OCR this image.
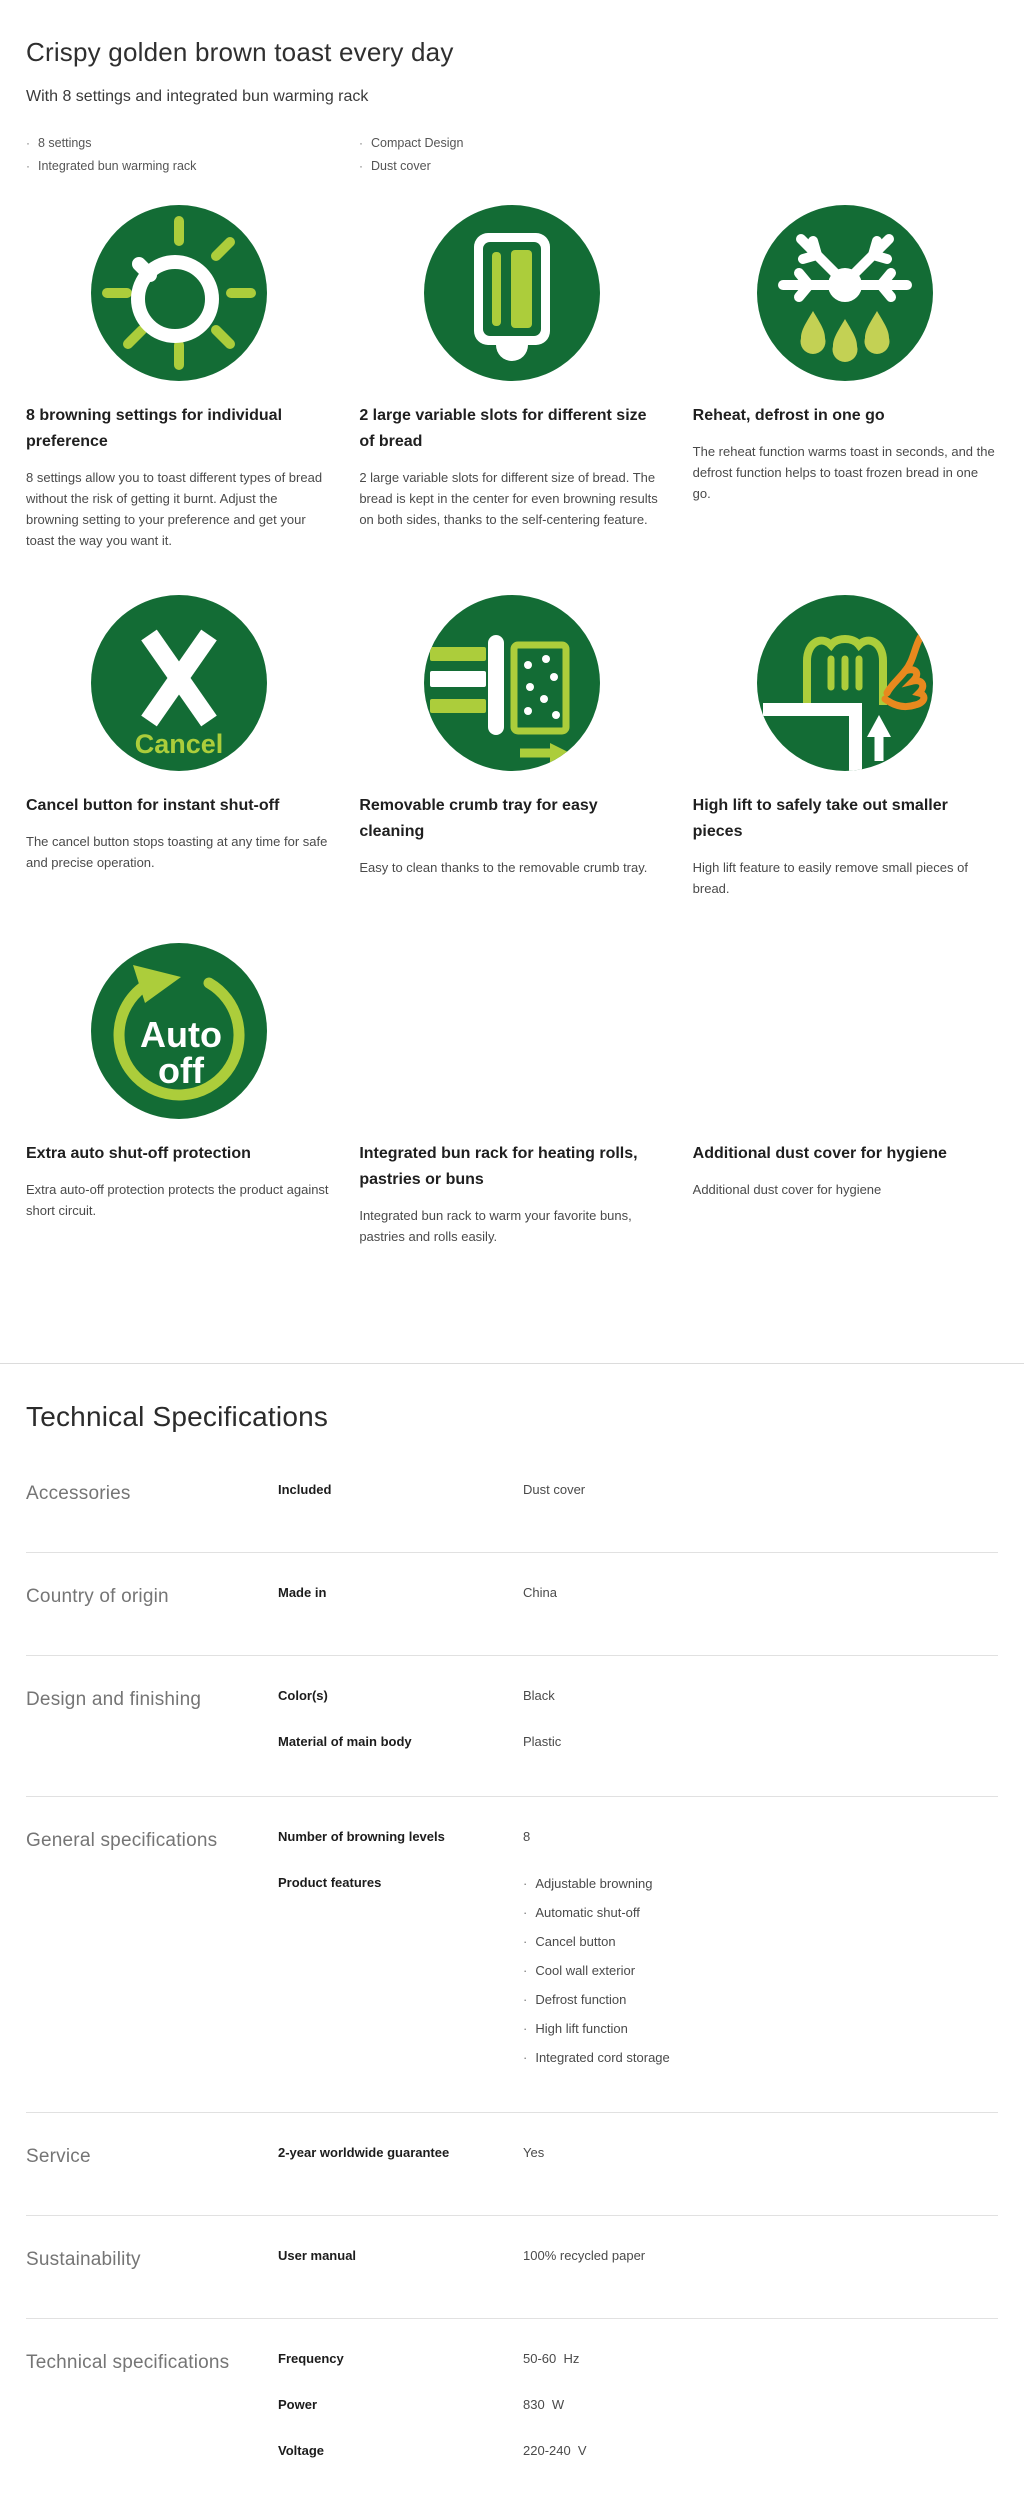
Crispy golden brown toast every day

With 8 settings and integrated bun warming rack

· 8 settings
· Integrated bun warming rack
· Compact Design
· Dust cover
8 browning settings for individual preference

8 settings allow you to toast different types of bread without the risk of getting it burnt. Adjust the browning setting to your preference and get your toast the way you want it.

2 large variable slots for different size of bread

2 large variable slots for different size of bread. The bread is kept in the center for even browning results on both sides, thanks to the self-centering feature.

Reheat, defrost in one go

The reheat function warms toast in seconds, and the defrost function helps to toast frozen bread in one go.

Cancel
Cancel button for instant shut-off

The cancel button stops toasting at any time for safe and precise operation.

Removable crumb tray for easy cleaning

Easy to clean thanks to the removable crumb tray.

High lift to safely take out smaller pieces

High lift feature to easily remove small pieces of bread.

Auto
off
Extra auto shut-off protection

Extra auto-off protection protects the product against short circuit.

Integrated bun rack for heating rolls, pastries or buns

Integrated bun rack to warm your favorite buns, pastries and rolls easily.

Additional dust cover for hygiene

Additional dust cover for hygiene

Technical Specifications
Accessories	Included	Dust cover
Country of origin	Made in	China
Design and finishing	Color(s)	Black
Material of main body	Plastic
General specifications	Number of browning levels	8
Product features	· Adjustable browning
· Automatic shut-off
· Cancel button
· Cool wall exterior
· Defrost function
· High lift function
· Integrated cord storage
Service	2-year worldwide guarantee	Yes
Sustainability	User manual	100% recycled paper
Technical specifications	Frequency	50-60  Hz
Power	830  W
Voltage	220-240  V
